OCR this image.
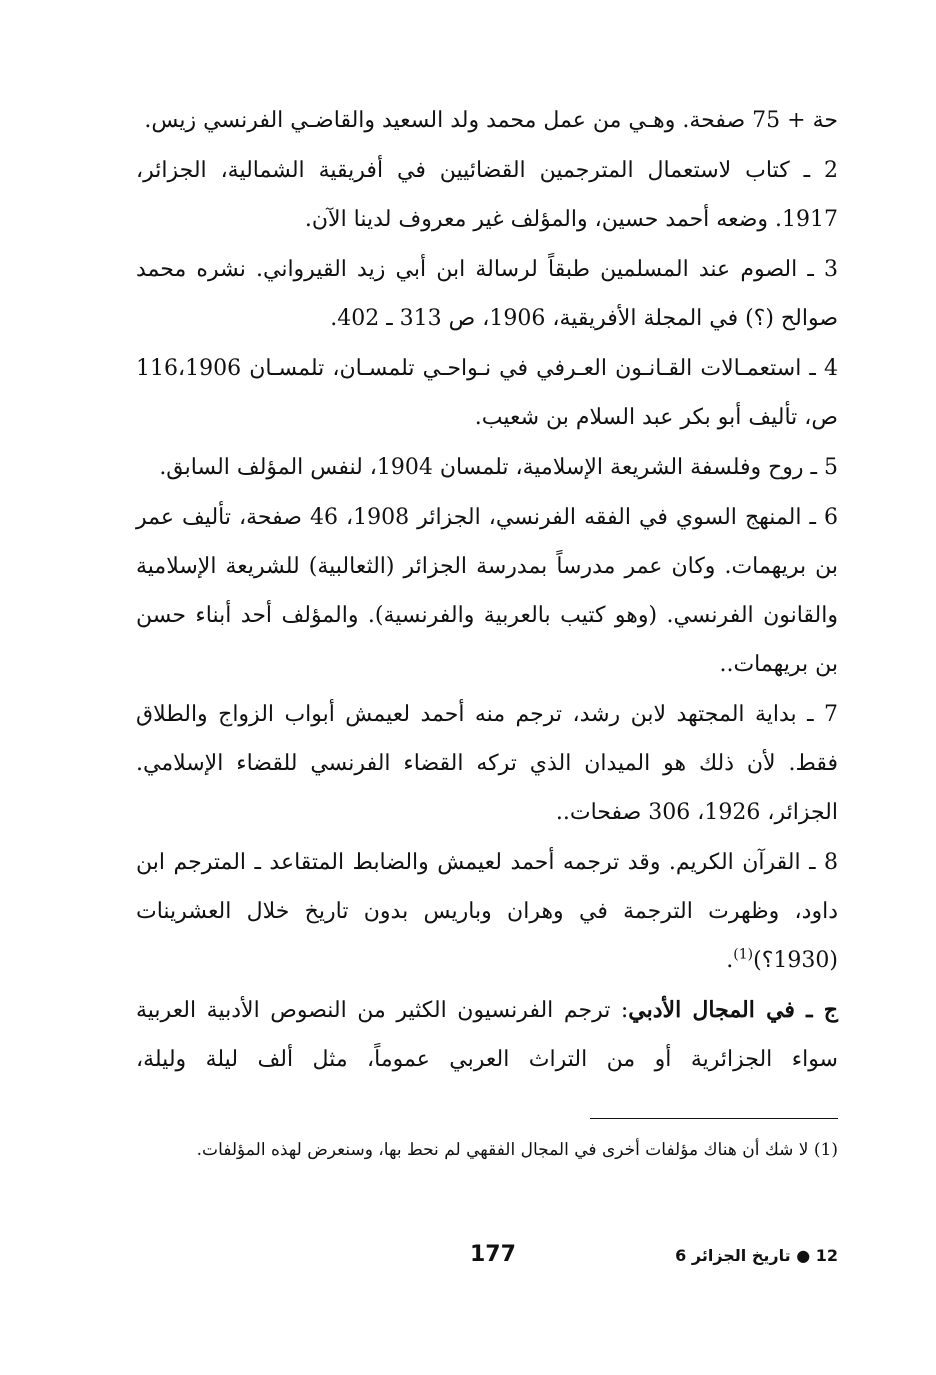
حة + 75 صفحة. وهـي من عمل محمد ولد السعيد والقاضـي الفرنسي زيس.

2 ـ كتاب لاستعمال المترجمين القضائيين في أفريقية الشمالية، الجزائر، 1917. وضعه أحمد حسين، والمؤلف غير معروف لدينا الآن.

3 ـ الصوم عند المسلمين طبقاً لرسالة ابن أبي زيد القيرواني. نشره محمد صوالح (؟) في المجلة الأفريقية، 1906، ص 313 ـ 402.

4 ـ استعمـالات القـانـون العـرفي في نـواحـي تلمسـان، تلمسـان 116،1906 ص، تأليف أبو بكر عبد السلام بن شعيب.

5 ـ روح وفلسفة الشريعة الإسلامية، تلمسان 1904، لنفس المؤلف السابق.

6 ـ المنهج السوي في الفقه الفرنسي، الجزائر 1908، 46 صفحة، تأليف عمر بن بريهمات. وكان عمر مدرساً بمدرسة الجزائر (الثعالبية) للشريعة الإسلامية والقانون الفرنسي. (وهو كتيب بالعربية والفرنسية). والمؤلف أحد أبناء حسن بن بريهمات..

7 ـ بداية المجتهد لابن رشد، ترجم منه أحمد لعيمش أبواب الزواج والطلاق فقط. لأن ذلك هو الميدان الذي تركه القضاء الفرنسي للقضاء الإسلامي. الجزائر، 1926، 306 صفحات..

8 ـ القرآن الكريم. وقد ترجمه أحمد لعيمش والضابط المتقاعد ـ المترجم ابن داود، وظهرت الترجمة في وهران وباريس بدون تاريخ خلال العشرينات (1930؟)$^{(1)}$.

ج ـ في المجال الأدبي: ترجم الفرنسيون الكثير من النصوص الأدبية العربية سواء الجزائرية أو من التراث العربي عموماً، مثل ألف ليلة وليلة،

(1) لا شك أن هناك مؤلفات أخرى في المجال الفقهي لم نحط بها، وسنعرض لهذه المؤلفات.
12 ● تاريخ الجزائر 6
177
